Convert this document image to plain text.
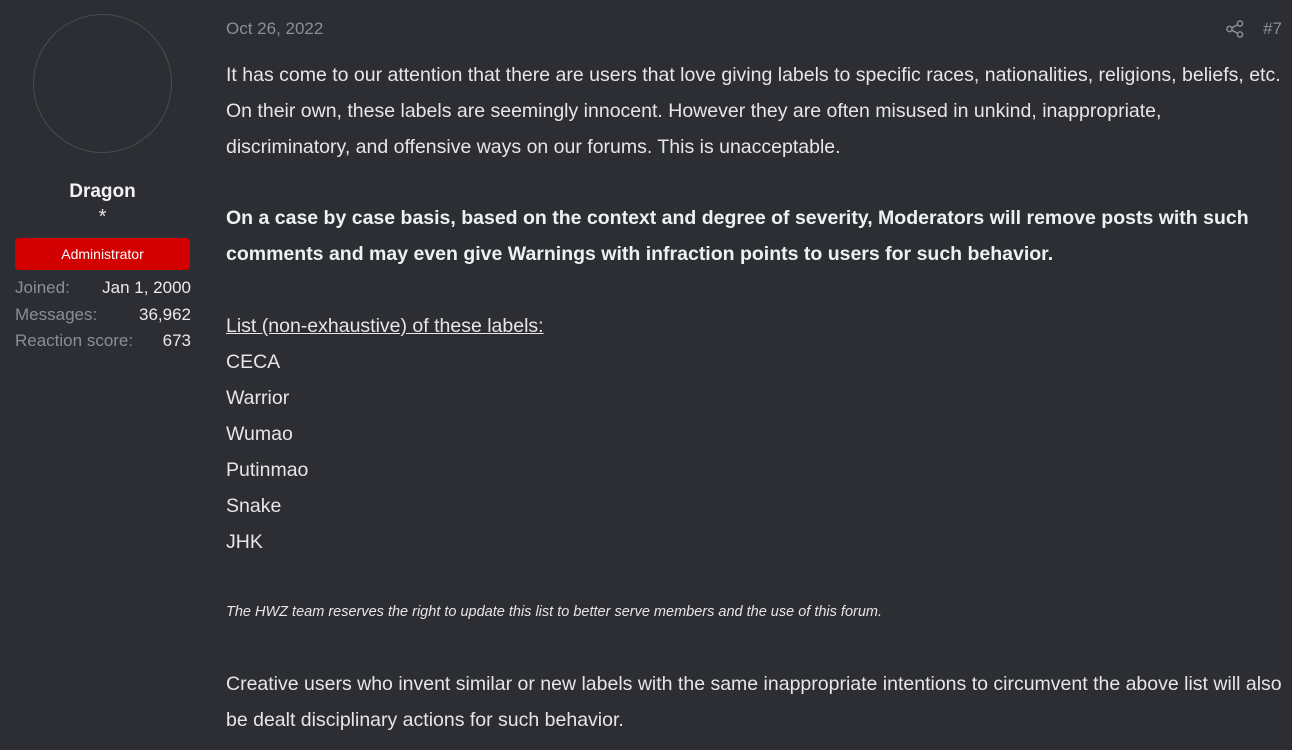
Dragon
*
Administrator
Joined: Jan 1, 2000
Messages: 36,962
Reaction score: 673
Oct 26, 2022	#7

It has come to our attention that there are users that love giving labels to specific races, nationalities, religions, beliefs, etc. On their own, these labels are seemingly innocent. However they are often misused in unkind, inappropriate, discriminatory, and offensive ways on our forums. This is unacceptable.

On a case by case basis, based on the context and degree of severity, Moderators will remove posts with such comments and may even give Warnings with infraction points to users for such behavior.

List (non-exhaustive) of these labels:

CECA
Warrior
Wumao
Putinmao
Snake
JHK

The HWZ team reserves the right to update this list to better serve members and the use of this forum.

Creative users who invent similar or new labels with the same inappropriate intentions to circumvent the above list will also be dealt disciplinary actions for such behavior.
